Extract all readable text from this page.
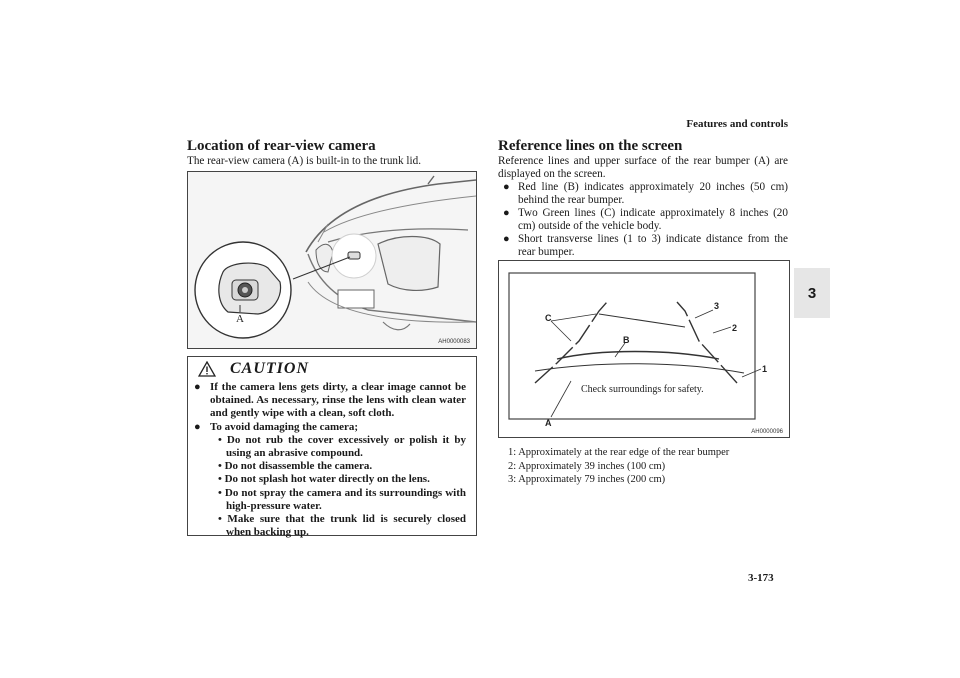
Features and controls
3
Location of rear-view camera
The rear-view camera (A) is built-in to the trunk lid.
A
AH0000083
CAUTION
● If the camera lens gets dirty, a clear image cannot be obtained. As necessary, rinse the lens with clean water and gently wipe with a clean, soft cloth.
● To avoid damaging the camera;
• Do not rub the cover excessively or polish it by using an abrasive compound.
• Do not disassemble the camera.
• Do not splash hot water directly on the lens.
• Do not spray the camera and its surroundings with high-pressure water.
• Make sure that the trunk lid is securely closed when backing up.
Reference lines on the screen
Reference lines and upper surface of the rear bumper (A) are displayed on the screen.
● Red line (B) indicates approximately 20 inches (50 cm) behind the rear bumper.
● Two Green lines (C) indicate approximately 8 inches (20 cm) outside of the vehicle body.
● Short transverse lines (1 to 3) indicate distance from the rear bumper.
C
B
3
2
1
A
Check surroundings for safety.
AH0000096
1: Approximately at the rear edge of the rear bumper
2: Approximately 39 inches (100 cm)
3: Approximately 79 inches (200 cm)
3-173
